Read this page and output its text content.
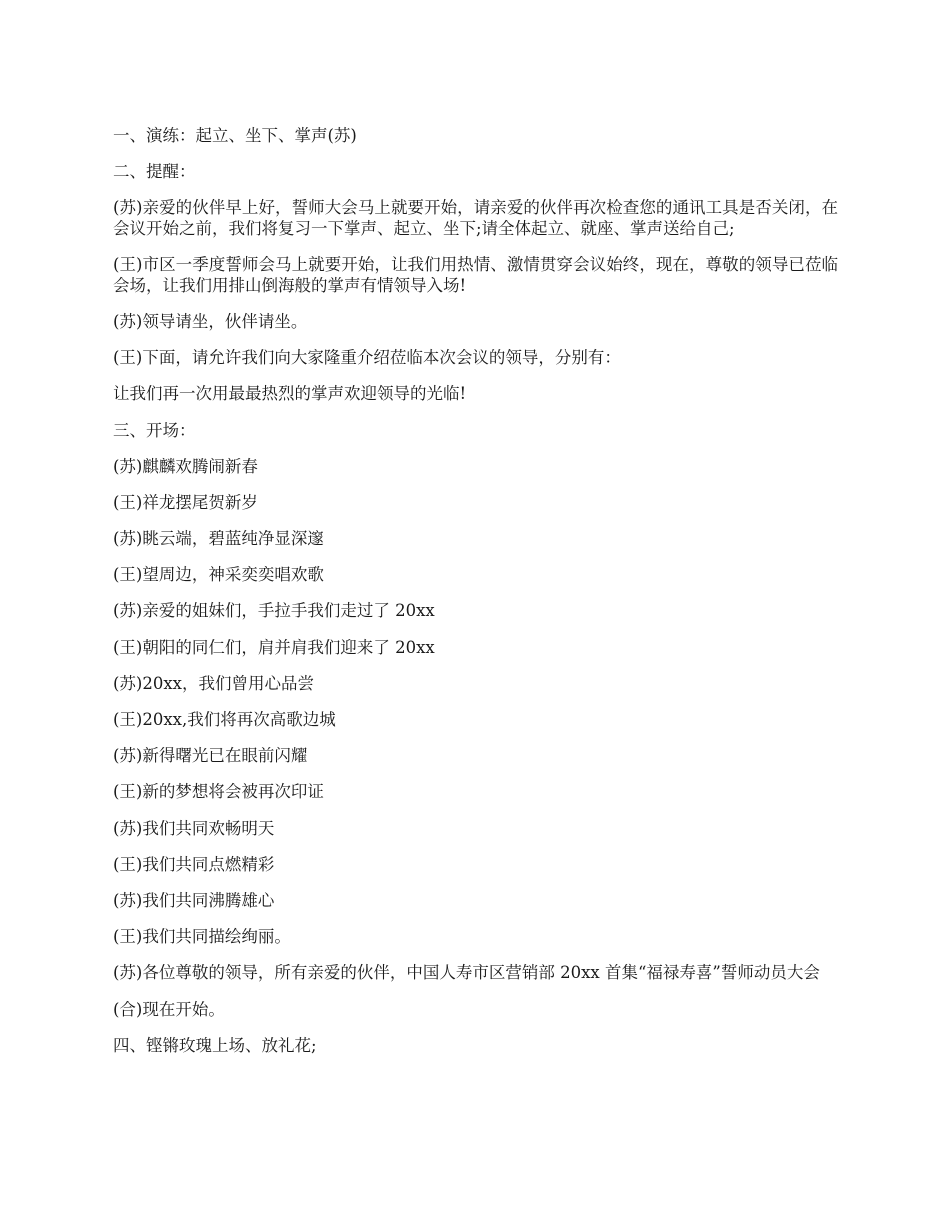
一、演练：起立、坐下、掌声(苏)

二、提醒：

(苏)亲爱的伙伴早上好，誓师大会马上就要开始，请亲爱的伙伴再次检查您的通讯工具是否关闭，在会议开始之前，我们将复习一下掌声、起立、坐下;请全体起立、就座、掌声送给自己;

(王)市区一季度誓师会马上就要开始，让我们用热情、激情贯穿会议始终，现在，尊敬的领导已莅临会场，让我们用排山倒海般的掌声有情领导入场!

(苏)领导请坐，伙伴请坐。

(王)下面，请允许我们向大家隆重介绍莅临本次会议的领导，分别有：

让我们再一次用最最热烈的掌声欢迎领导的光临!

三、开场：

(苏)麒麟欢腾闹新春

(王)祥龙摆尾贺新岁

(苏)眺云端，碧蓝纯净显深邃

(王)望周边，神采奕奕唱欢歌

(苏)亲爱的姐妹们，手拉手我们走过了 20xx

(王)朝阳的同仁们，肩并肩我们迎来了 20xx

(苏)20xx，我们曾用心品尝

(王)20xx,我们将再次高歌边城

(苏)新得曙光已在眼前闪耀

(王)新的梦想将会被再次印证

(苏)我们共同欢畅明天

(王)我们共同点燃精彩

(苏)我们共同沸腾雄心

(王)我们共同描绘绚丽。

(苏)各位尊敬的领导，所有亲爱的伙伴，中国人寿市区营销部 20xx 首集“福禄寿喜”誓师动员大会

(合)现在开始。

四、铿锵玫瑰上场、放礼花;
